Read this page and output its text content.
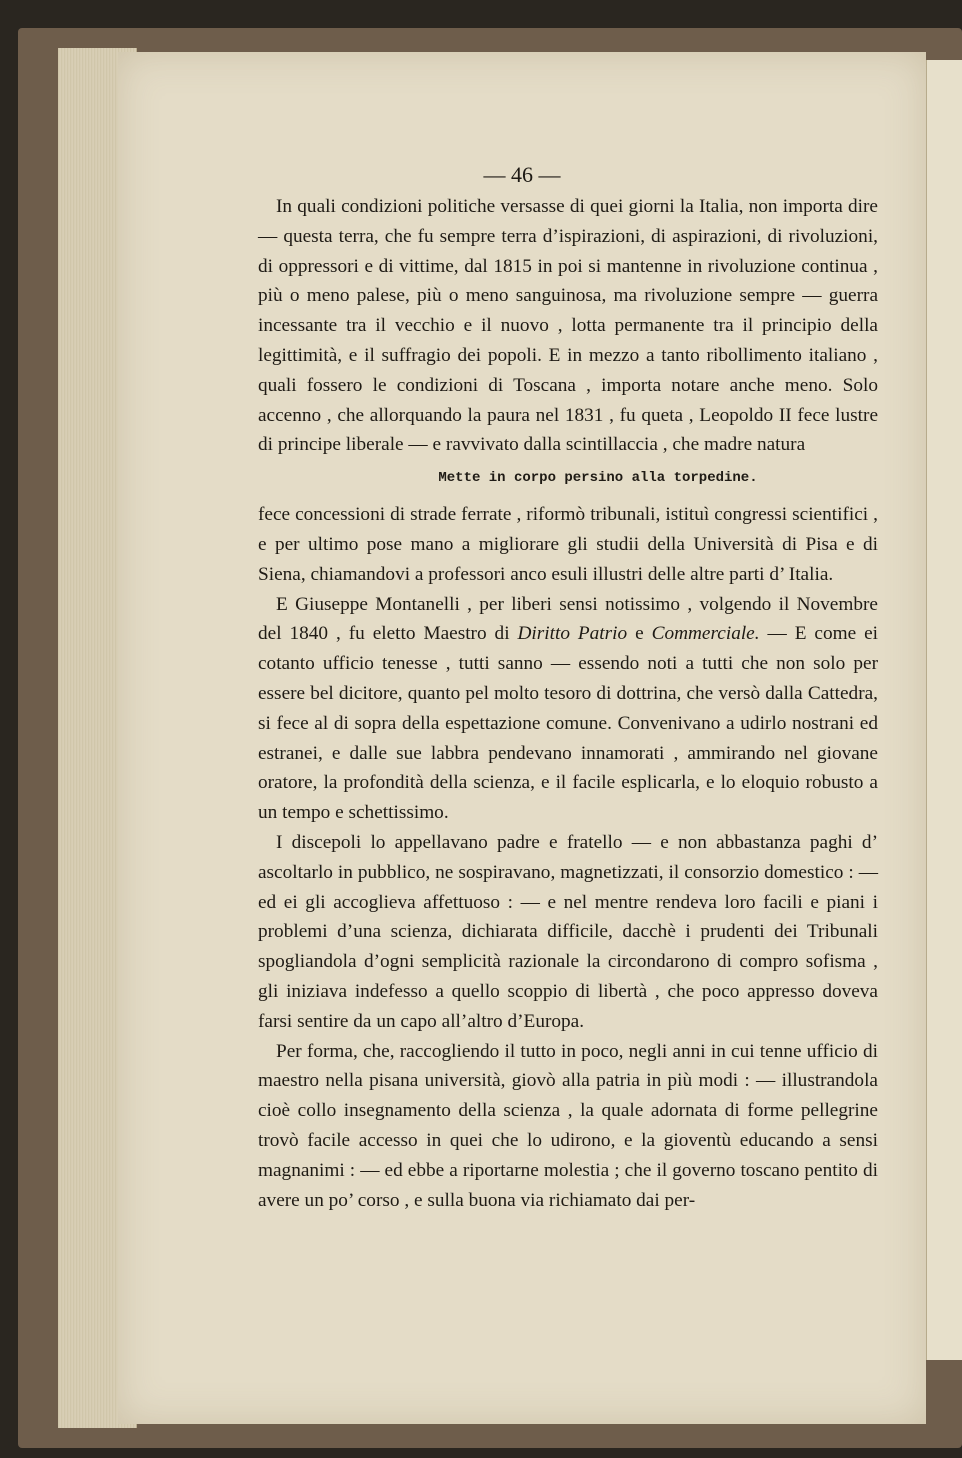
— 46 —

In quali condizioni politiche versasse di quei giorni la Italia, non importa dire — questa terra, che fu sempre terra d’ispirazioni, di aspirazioni, di rivoluzioni, di oppressori e di vittime, dal 1815 in poi si mantenne in rivoluzione continua , più o meno palese, più o meno sanguinosa, ma rivoluzione sempre — guerra incessante tra il vecchio e il nuovo , lotta permanente tra il principio della legittimità, e il suffragio dei popoli. E in mezzo a tanto ribollimento italiano , quali fossero le condizioni di Toscana , importa notare anche meno. Solo accenno , che allorquando la paura nel 1831 , fu queta , Leopoldo II fece lustre di principe liberale — e ravvivato dalla scintillaccia , che madre natura

Mette in corpo persino alla torpedine.

fece concessioni di strade ferrate , riformò tribunali, istituì congressi scientifici , e per ultimo pose mano a migliorare gli studii della Università di Pisa e di Siena, chiamandovi a professori anco esuli illustri delle altre parti d’ Italia.

E Giuseppe Montanelli , per liberi sensi notissimo , volgendo il Novembre del 1840 , fu eletto Maestro di Diritto Patrio e Commerciale. — E come ei cotanto ufficio tenesse , tutti sanno — essendo noti a tutti che non solo per essere bel dicitore, quanto pel molto tesoro di dottrina, che versò dalla Cattedra, si fece al di sopra della espettazione comune. Convenivano a udirlo nostrani ed estranei, e dalle sue labbra pendevano innamorati , ammirando nel giovane oratore, la profondità della scienza, e il facile esplicarla, e lo eloquio robusto a un tempo e schettissimo.

I discepoli lo appellavano padre e fratello — e non abbastanza paghi d’ ascoltarlo in pubblico, ne sospiravano, magnetizzati, il consorzio domestico : — ed ei gli accoglieva affettuoso : — e nel mentre rendeva loro facili e piani i problemi d’una scienza, dichiarata difficile, dacchè i prudenti dei Tribunali spogliandola d’ogni semplicità razionale la circondarono di compro sofisma , gli iniziava indefesso a quello scoppio di libertà , che poco appresso doveva farsi sentire da un capo all’altro d’Europa.

Per forma, che, raccogliendo il tutto in poco, negli anni in cui tenne ufficio di maestro nella pisana università, giovò alla patria in più modi : — illustrandola cioè collo insegnamento della scienza , la quale adornata di forme pellegrine trovò facile accesso in quei che lo udirono, e la gioventù educando a sensi magnanimi : — ed ebbe a riportarne molestia ; che il governo toscano pentito di avere un po’ corso , e sulla buona via richiamato dai per-
